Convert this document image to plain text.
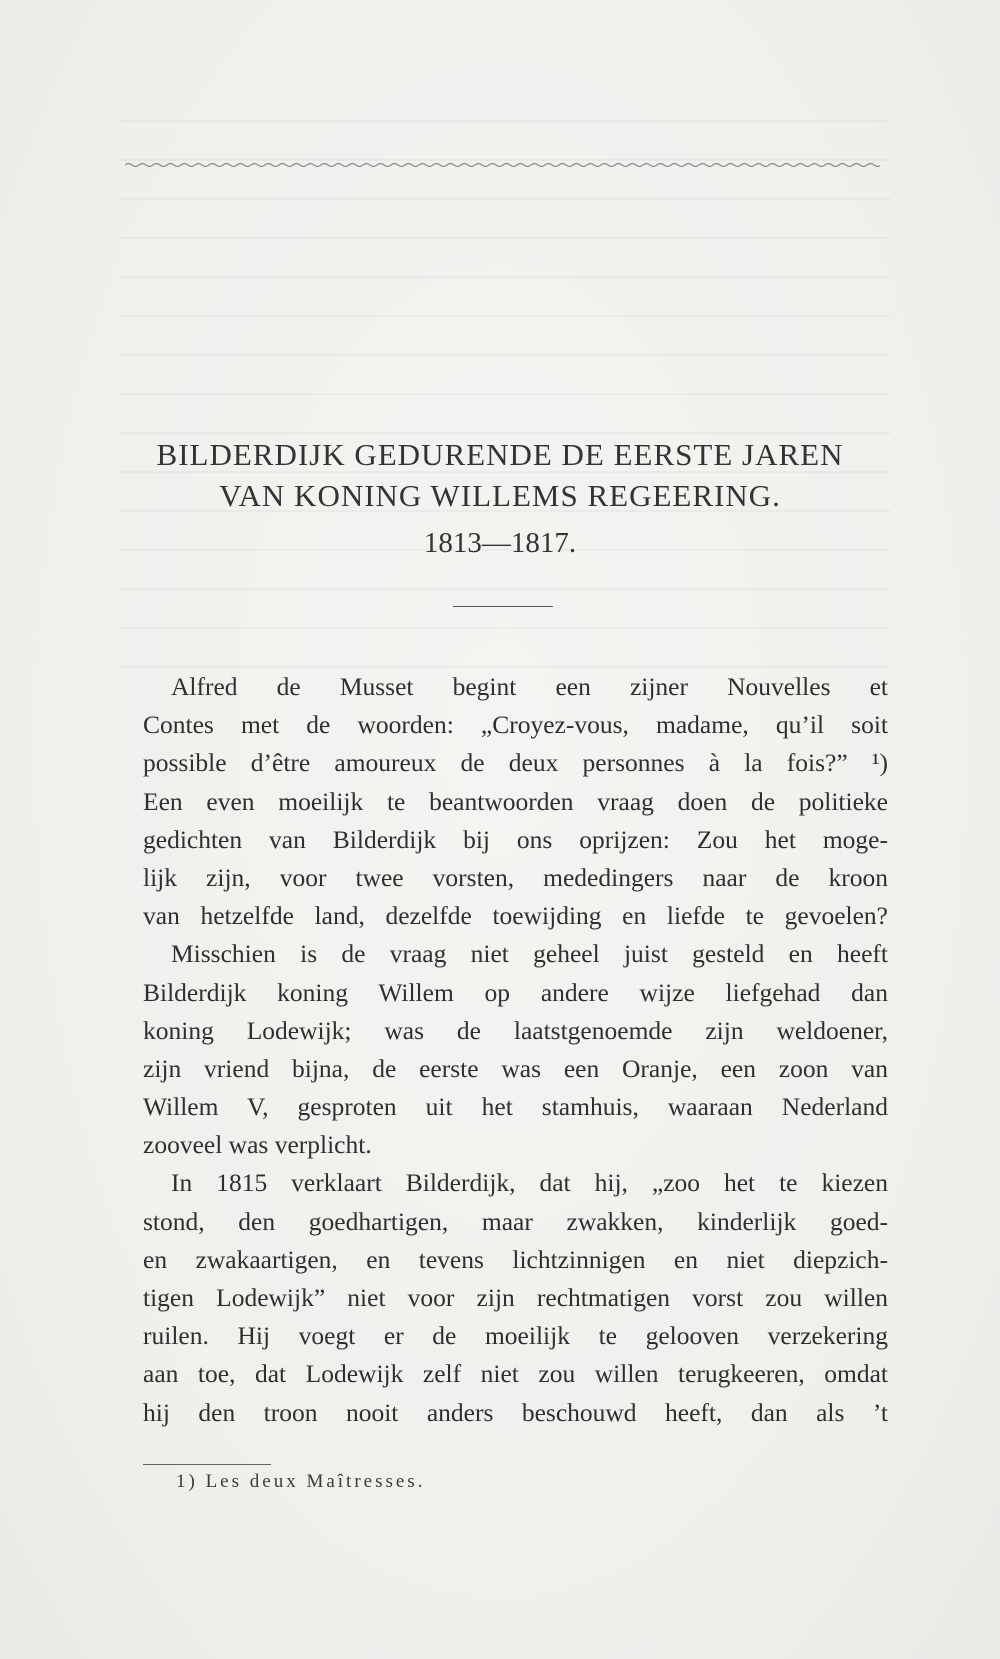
BILDERDIJK GEDURENDE DE EERSTE JAREN
VAN KONING WILLEMS REGEERING.
1813—1817.
Alfred de Musset begint een zijner Nouvelles et
Contes met de woorden: „Croyez-vous, madame, qu’il soit
possible d’être amoureux de deux personnes à la fois?” ¹)
Een even moeilijk te beantwoorden vraag doen de politieke
gedichten van Bilderdijk bij ons oprijzen: Zou het moge-
lijk zijn, voor twee vorsten, mededingers naar de kroon
van hetzelfde land, dezelfde toewijding en liefde te gevoelen?
Misschien is de vraag niet geheel juist gesteld en heeft
Bilderdijk koning Willem op andere wijze liefgehad dan
koning Lodewijk; was de laatstgenoemde zijn weldoener,
zijn vriend bijna, de eerste was een Oranje, een zoon van
Willem V, gesproten uit het stamhuis, waaraan Nederland
zooveel was verplicht.
In 1815 verklaart Bilderdijk, dat hij, „zoo het te kiezen
stond, den goedhartigen, maar zwakken, kinderlijk goed-
en zwakaartigen, en tevens lichtzinnigen en niet diepzich-
tigen Lodewijk” niet voor zijn rechtmatigen vorst zou willen
ruilen. Hij voegt er de moeilijk te gelooven verzekering
aan toe, dat Lodewijk zelf niet zou willen terugkeeren, omdat
hij den troon nooit anders beschouwd heeft, dan als ’t
1) Les deux Maîtresses.
